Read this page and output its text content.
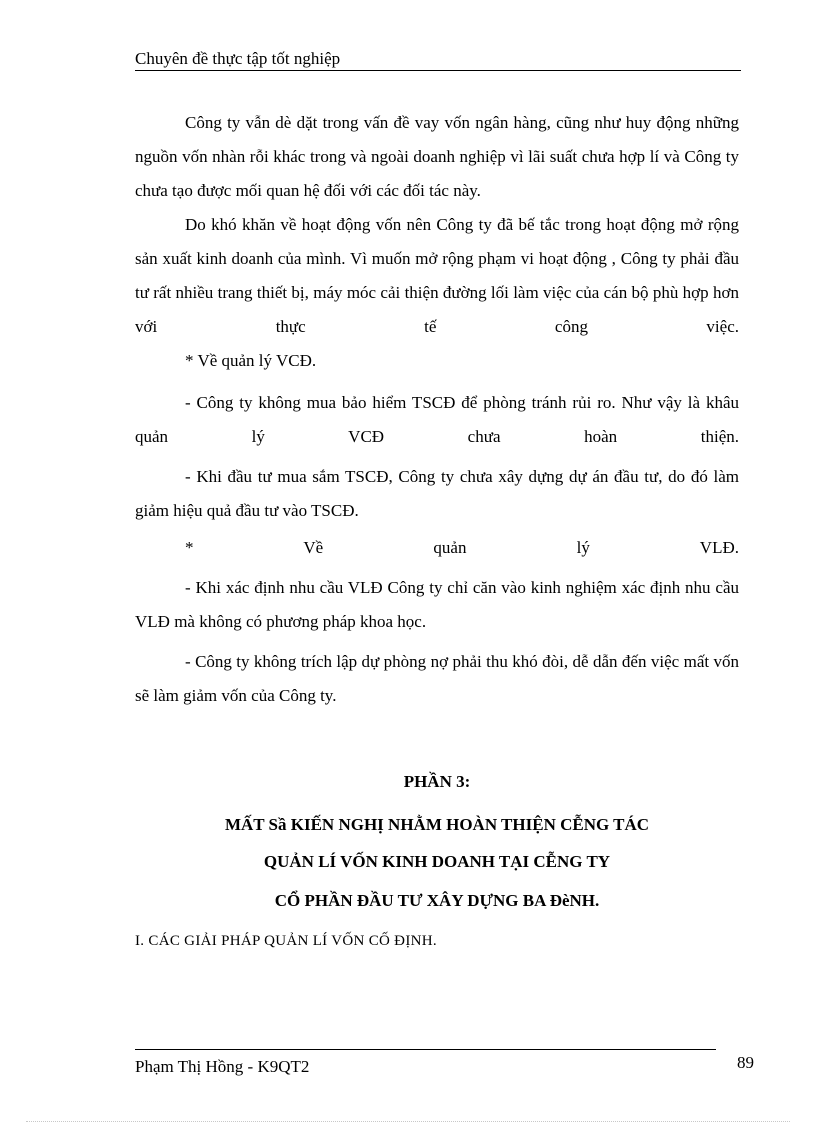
Chuyên đề thực tập tốt nghiệp

Công ty vẫn dè dặt trong vấn đề vay vốn ngân hàng, cũng như huy động những nguồn vốn nhàn rỗi khác trong và ngoài doanh nghiệp vì lãi suất chưa hợp lí và Công ty chưa tạo được mối quan hệ đối với các đối tác này.

Do khó khăn về hoạt động vốn nên Công ty đã bế tắc trong hoạt động mở rộng sản xuất kinh doanh của mình. Vì muốn mở rộng phạm vi hoạt động , Công ty phải đầu tư rất nhiều trang thiết bị, máy móc cải thiện đường lối làm việc của cán bộ phù hợp hơn với thực tế công việc.

* Về quản lý VCĐ.

- Công ty không mua bảo hiểm TSCĐ để phòng tránh rủi ro. Như vậy là khâu quản lý VCĐ chưa hoàn thiện.

- Khi đầu tư mua sắm TSCĐ, Công ty chưa xây dựng dự án đầu tư, do đó làm giảm hiệu quả đầu tư vào TSCĐ.

* Về quản lý VLĐ.

- Khi xác định nhu cầu VLĐ Công ty chỉ căn vào kinh nghiệm xác định nhu cầu VLĐ mà không có phương pháp khoa học.

- Công ty không trích lập dự phòng nợ phải thu khó đòi, dễ dẫn đến việc mất vốn sẽ làm giảm vốn của Công ty.

PHẦN 3:
MẤT Sầ KIẾN NGHỊ NHẰM HOÀN THIỆN CỄNG TÁC
QUẢN LÍ VỐN KINH DOANH TẠI CỄNG TY
CỔ PHẦN ĐẦU TƯ XÂY DỰNG BA ĐèNH.
I. CÁC GIẢI PHÁP QUẢN LÍ VỐN CỐ ĐỊNH.
Phạm Thị Hồng - K9QT2	89
